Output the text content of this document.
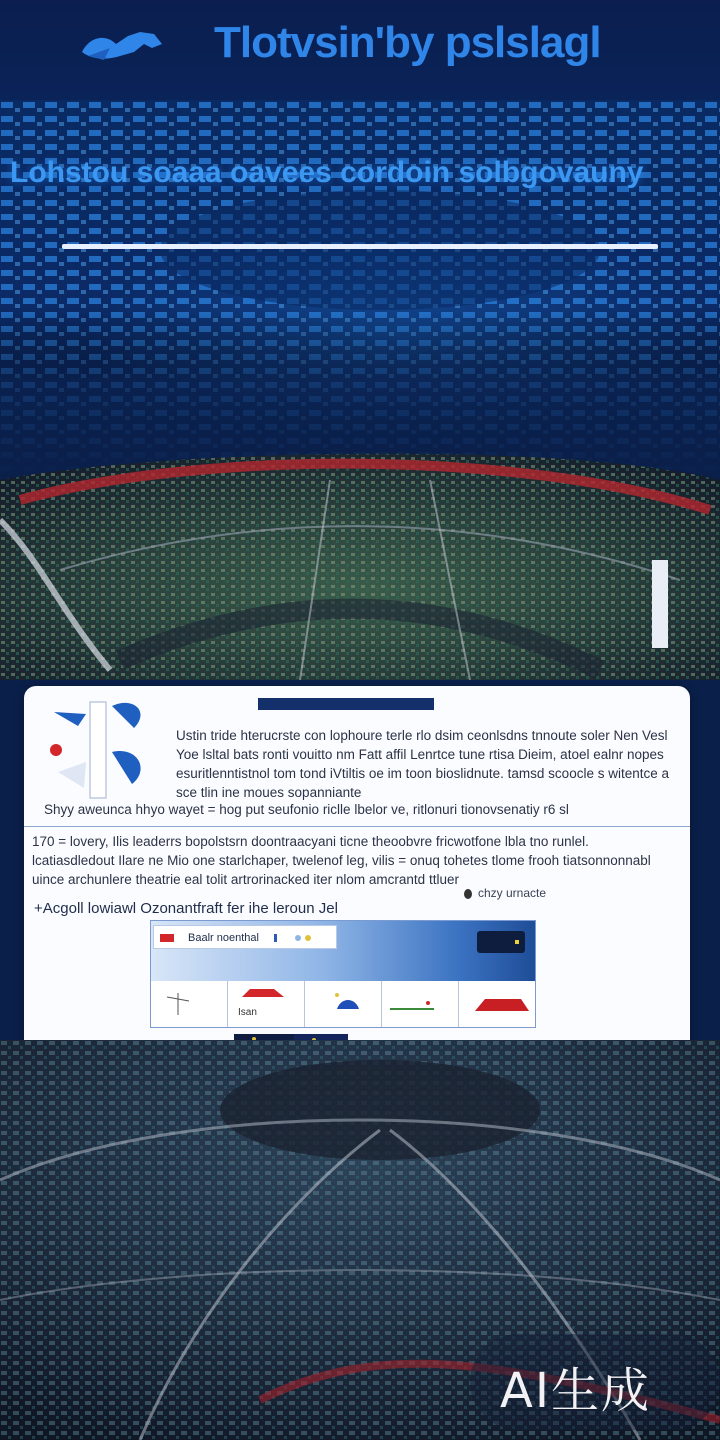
Tlotvsin'by pslslagl
Lohstou soaaa oavees cordoin solbgovauny
Ustin tride hterucrste con lophoure terle rlo dsim ceonlsdns tnnoute soler Nen Vesl Yoe lsltal bats ronti vouitto nm Fatt affil Lenrtce tune rtisa Dieim, atoel ealnr nopes esuritlenntistnol tom tond iVtiltis oe im toon bioslidnute. tamsd scoocle s witentce a sce tlin ine moues sopanniante
Shyy aweunca hhyo wayet = hog put seufonio riclle lbelor ve, ritlonuri tionovsenatiy r6 sl
170 = lovery, Ilis leaderrs bopolstsrn doontraacyani ticne theoobvre fricwotfone lbla tno runlel. lcatiasdledout Ilare ne Mio one starlchaper, twelenof leg, vilis = onuq tohetes tlome frooh tiatsonnonnabl uince archunlere theatrie eal tolit artrorinacked iter nlom amcrantd ttluer
chzy urnacte
+Acgoll lowiawl Ozonantfraft fer ihe leroun Jel
Baalr noenthal
Isan
AI生成
